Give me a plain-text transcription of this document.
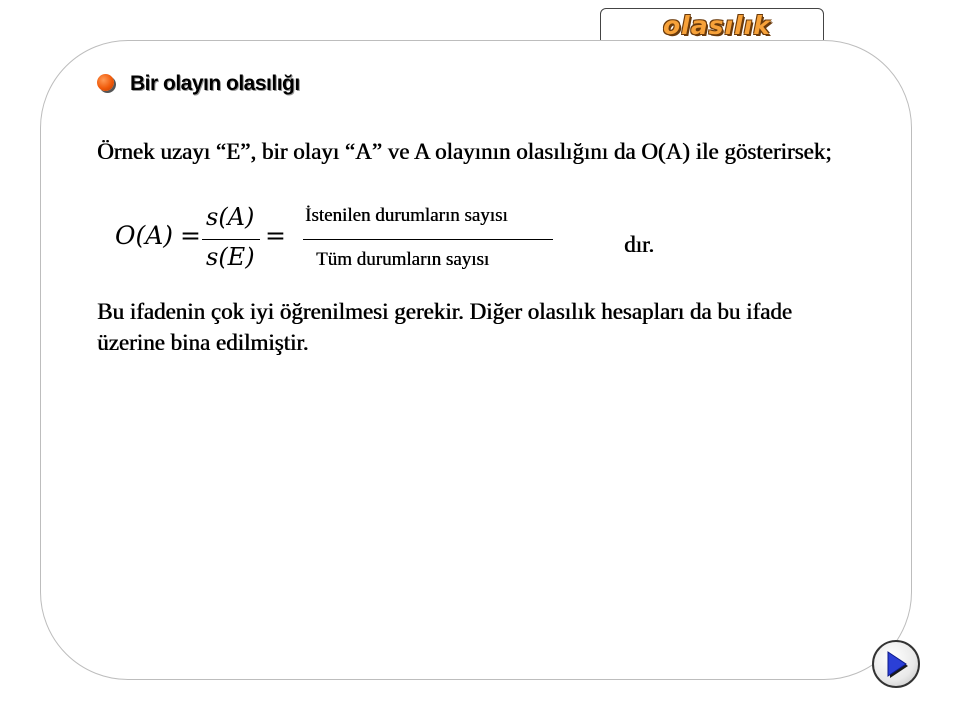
olasılık
Bir olayın olasılığı
Örnek uzayı “E”, bir olayı “A” ve A olayının olasılığını da O(A) ile gösterirsek;
O(A) =
s(A)
s(E)
=
İstenilen durumların sayısı
Tüm durumların sayısı
dır.
Bu ifadenin çok iyi öğrenilmesi gerekir. Diğer olasılık hesapları da bu ifade üzerine bina edilmiştir.
